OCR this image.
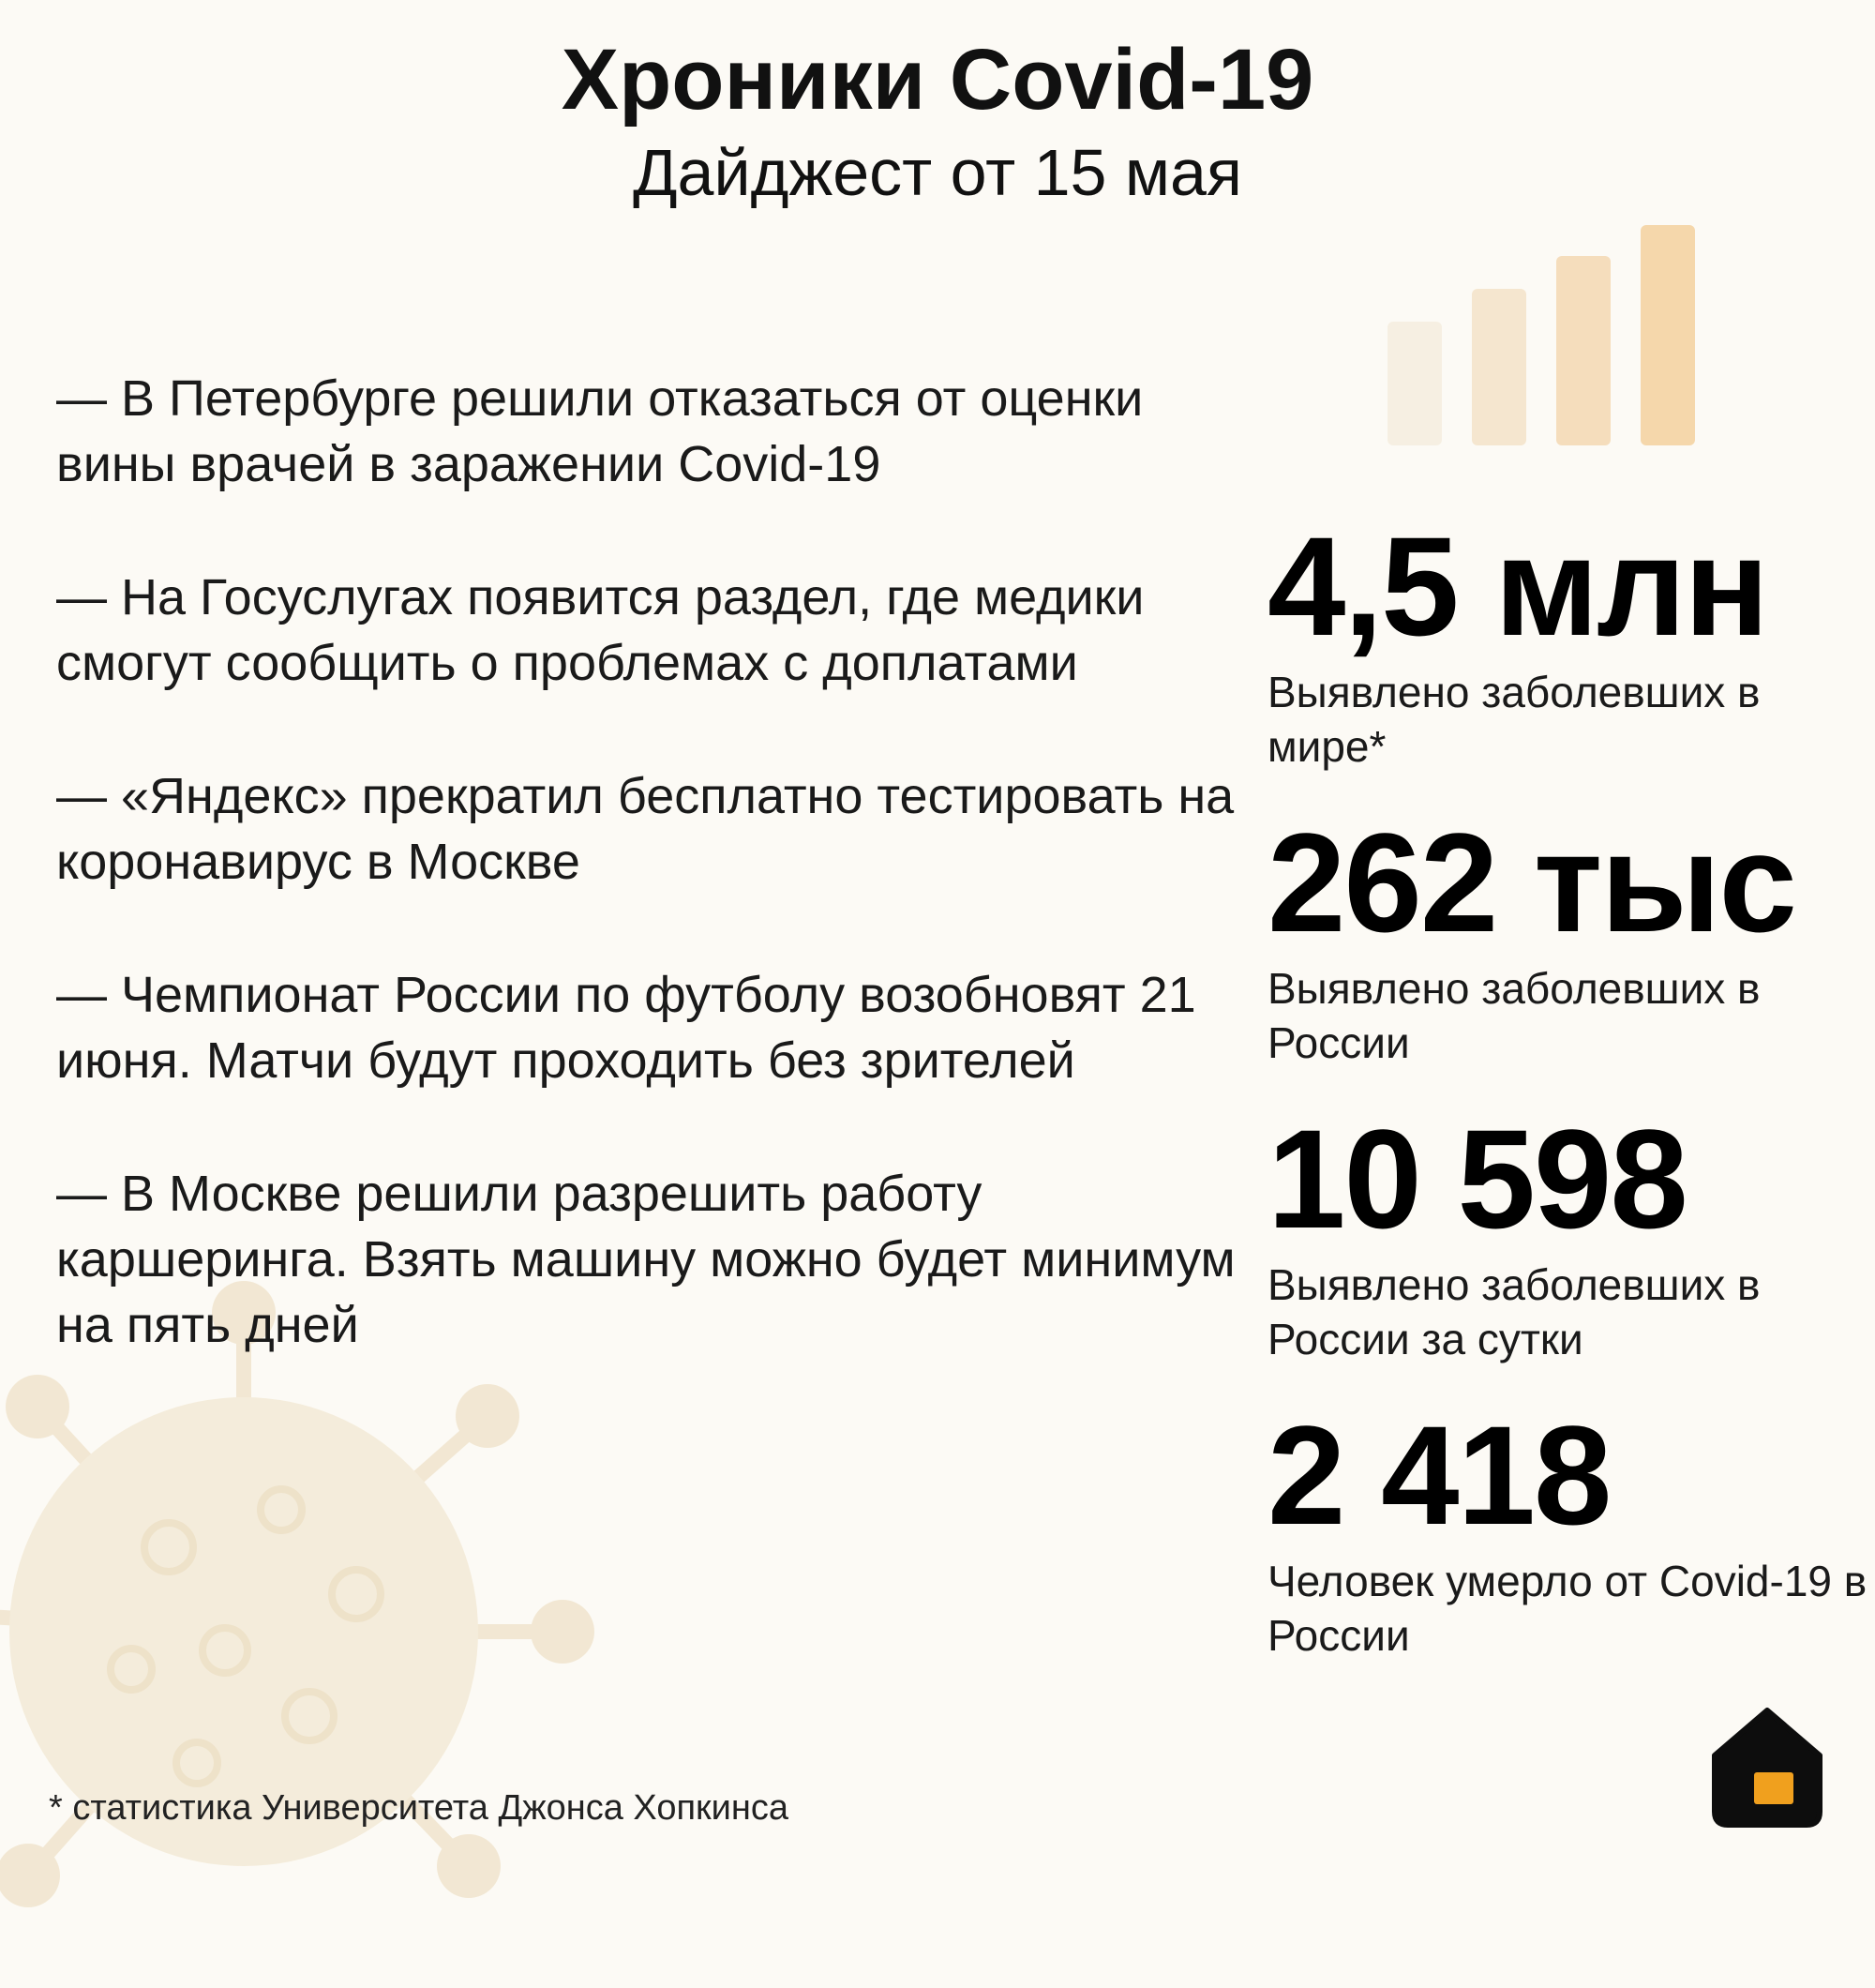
Хроники Covid-19
Дайджест от 15 мая
— В Петербурге решили отказаться от оценки вины врачей в заражении Covid-19
— На Госуслугах появится раздел, где медики смогут сообщить о проблемах с доплатами
— «Яндекс» прекратил бесплатно тестировать на коронавирус в Москве
— Чемпионат России по футболу возобновят 21 июня. Матчи будут проходить без зрителей
— В Москве решили разрешить работу каршеринга. Взять машину можно будет минимум на пять дней
4,5 млн
Выявлено заболевших в мире*
262 тыс
Выявлено заболевших в России
10 598
Выявлено заболевших в России за сутки
2 418
Человек умерло от Covid-19 в России
* статистика Университета Джонса Хопкинса
